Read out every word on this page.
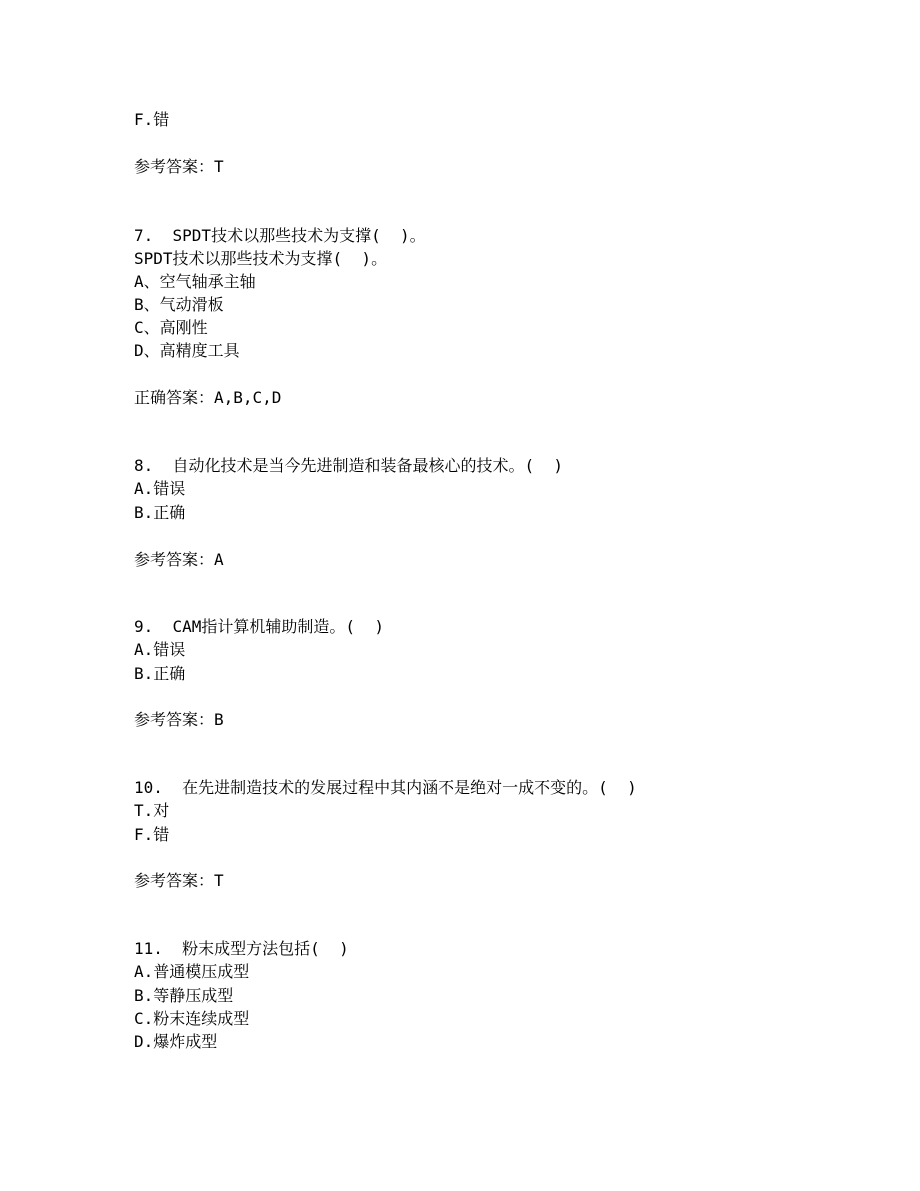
F.错
参考答案：T
7.  SPDT技术以那些技术为支撑(  )。
SPDT技术以那些技术为支撑(  )。
A、空气轴承主轴
B、气动滑板
C、高刚性
D、高精度工具
正确答案：A,B,C,D
8.  自动化技术是当今先进制造和装备最核心的技术。(  )
A.错误
B.正确
参考答案：A
9.  CAM指计算机辅助制造。(  )
A.错误
B.正确
参考答案：B
10.  在先进制造技术的发展过程中其内涵不是绝对一成不变的。(  )
T.对
F.错
参考答案：T
11.  粉末成型方法包括(  )
A.普通模压成型
B.等静压成型
C.粉末连续成型
D.爆炸成型
